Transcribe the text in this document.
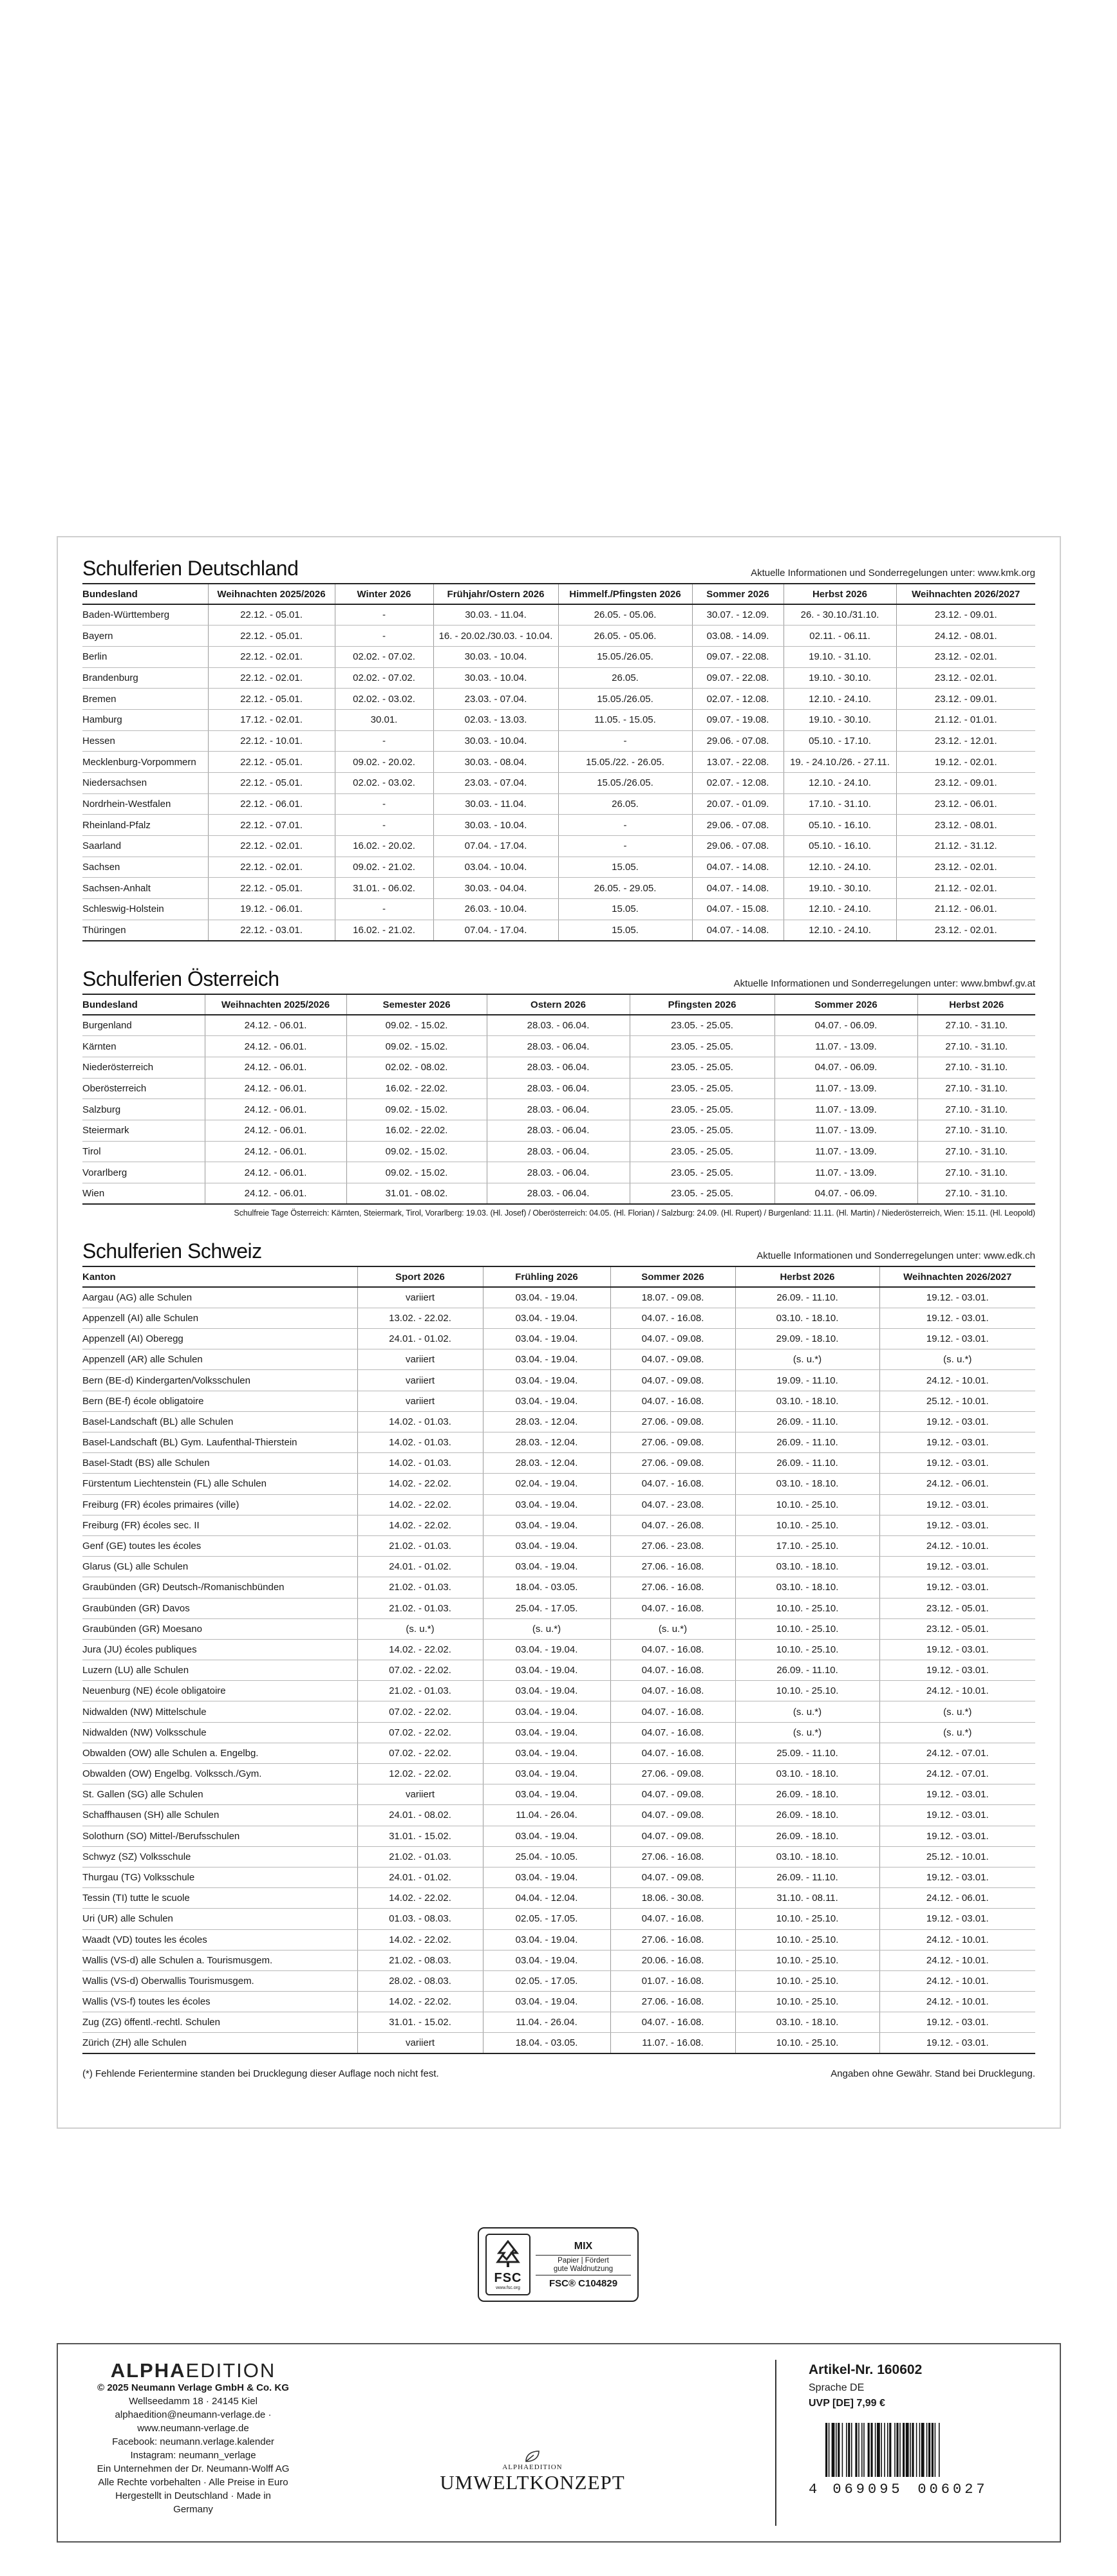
Schulferien Deutschland	Aktuelle Informationen und Sonderregelungen unter: www.kmk.org
Bundesland	Weihnachten 2025/2026	Winter 2026	Frühjahr/Ostern 2026	Himmelf./Pfingsten 2026	Sommer 2026	Herbst 2026	Weihnachten 2026/2027
Baden-Württemberg	22.12. - 05.01.	-	30.03. - 11.04.	26.05. - 05.06.	30.07. - 12.09.	26. - 30.10./31.10.	23.12. - 09.01.
Bayern	22.12. - 05.01.	-	16. - 20.02./30.03. - 10.04.	26.05. - 05.06.	03.08. - 14.09.	02.11. - 06.11.	24.12. - 08.01.
Berlin	22.12. - 02.01.	02.02. - 07.02.	30.03. - 10.04.	15.05./26.05.	09.07. - 22.08.	19.10. - 31.10.	23.12. - 02.01.
Brandenburg	22.12. - 02.01.	02.02. - 07.02.	30.03. - 10.04.	26.05.	09.07. - 22.08.	19.10. - 30.10.	23.12. - 02.01.
Bremen	22.12. - 05.01.	02.02. - 03.02.	23.03. - 07.04.	15.05./26.05.	02.07. - 12.08.	12.10. - 24.10.	23.12. - 09.01.
Hamburg	17.12. - 02.01.	30.01.	02.03. - 13.03.	11.05. - 15.05.	09.07. - 19.08.	19.10. - 30.10.	21.12. - 01.01.
Hessen	22.12. - 10.01.	-	30.03. - 10.04.	-	29.06. - 07.08.	05.10. - 17.10.	23.12. - 12.01.
Mecklenburg-Vorpommern	22.12. - 05.01.	09.02. - 20.02.	30.03. - 08.04.	15.05./22. - 26.05.	13.07. - 22.08.	19. - 24.10./26. - 27.11.	19.12. - 02.01.
Niedersachsen	22.12. - 05.01.	02.02. - 03.02.	23.03. - 07.04.	15.05./26.05.	02.07. - 12.08.	12.10. - 24.10.	23.12. - 09.01.
Nordrhein-Westfalen	22.12. - 06.01.	-	30.03. - 11.04.	26.05.	20.07. - 01.09.	17.10. - 31.10.	23.12. - 06.01.
Rheinland-Pfalz	22.12. - 07.01.	-	30.03. - 10.04.	-	29.06. - 07.08.	05.10. - 16.10.	23.12. - 08.01.
Saarland	22.12. - 02.01.	16.02. - 20.02.	07.04. - 17.04.	-	29.06. - 07.08.	05.10. - 16.10.	21.12. - 31.12.
Sachsen	22.12. - 02.01.	09.02. - 21.02.	03.04. - 10.04.	15.05.	04.07. - 14.08.	12.10. - 24.10.	23.12. - 02.01.
Sachsen-Anhalt	22.12. - 05.01.	31.01. - 06.02.	30.03. - 04.04.	26.05. - 29.05.	04.07. - 14.08.	19.10. - 30.10.	21.12. - 02.01.
Schleswig-Holstein	19.12. - 06.01.	-	26.03. - 10.04.	15.05.	04.07. - 15.08.	12.10. - 24.10.	21.12. - 06.01.
Thüringen	22.12. - 03.01.	16.02. - 21.02.	07.04. - 17.04.	15.05.	04.07. - 14.08.	12.10. - 24.10.	23.12. - 02.01.
Schulferien Österreich	Aktuelle Informationen und Sonderregelungen unter: www.bmbwf.gv.at
Bundesland	Weihnachten 2025/2026	Semester 2026	Ostern 2026	Pfingsten 2026	Sommer 2026	Herbst 2026
Burgenland	24.12. - 06.01.	09.02. - 15.02.	28.03. - 06.04.	23.05. - 25.05.	04.07. - 06.09.	27.10. - 31.10.
Kärnten	24.12. - 06.01.	09.02. - 15.02.	28.03. - 06.04.	23.05. - 25.05.	11.07. - 13.09.	27.10. - 31.10.
Niederösterreich	24.12. - 06.01.	02.02. - 08.02.	28.03. - 06.04.	23.05. - 25.05.	04.07. - 06.09.	27.10. - 31.10.
Oberösterreich	24.12. - 06.01.	16.02. - 22.02.	28.03. - 06.04.	23.05. - 25.05.	11.07. - 13.09.	27.10. - 31.10.
Salzburg	24.12. - 06.01.	09.02. - 15.02.	28.03. - 06.04.	23.05. - 25.05.	11.07. - 13.09.	27.10. - 31.10.
Steiermark	24.12. - 06.01.	16.02. - 22.02.	28.03. - 06.04.	23.05. - 25.05.	11.07. - 13.09.	27.10. - 31.10.
Tirol	24.12. - 06.01.	09.02. - 15.02.	28.03. - 06.04.	23.05. - 25.05.	11.07. - 13.09.	27.10. - 31.10.
Vorarlberg	24.12. - 06.01.	09.02. - 15.02.	28.03. - 06.04.	23.05. - 25.05.	11.07. - 13.09.	27.10. - 31.10.
Wien	24.12. - 06.01.	31.01. - 08.02.	28.03. - 06.04.	23.05. - 25.05.	04.07. - 06.09.	27.10. - 31.10.
Schulfreie Tage Österreich: Kärnten, Steiermark, Tirol, Vorarlberg: 19.03. (Hl. Josef) / Oberösterreich: 04.05. (Hl. Florian) / Salzburg: 24.09. (Hl. Rupert) / Burgenland: 11.11. (Hl. Martin) / Niederösterreich, Wien: 15.11. (Hl. Leopold)
Schulferien Schweiz	Aktuelle Informationen und Sonderregelungen unter: www.edk.ch
Kanton	Sport 2026	Frühling 2026	Sommer 2026	Herbst 2026	Weihnachten 2026/2027
Aargau (AG) alle Schulen	variiert	03.04. - 19.04.	18.07. - 09.08.	26.09. - 11.10.	19.12. - 03.01.
Appenzell (AI) alle Schulen	13.02. - 22.02.	03.04. - 19.04.	04.07. - 16.08.	03.10. - 18.10.	19.12. - 03.01.
Appenzell (AI) Oberegg	24.01. - 01.02.	03.04. - 19.04.	04.07. - 09.08.	29.09. - 18.10.	19.12. - 03.01.
Appenzell (AR) alle Schulen	variiert	03.04. - 19.04.	04.07. - 09.08.	(s. u.*)	(s. u.*)
Bern (BE-d) Kindergarten/Volksschulen	variiert	03.04. - 19.04.	04.07. - 09.08.	19.09. - 11.10.	24.12. - 10.01.
Bern (BE-f) école obligatoire	variiert	03.04. - 19.04.	04.07. - 16.08.	03.10. - 18.10.	25.12. - 10.01.
Basel-Landschaft (BL) alle Schulen	14.02. - 01.03.	28.03. - 12.04.	27.06. - 09.08.	26.09. - 11.10.	19.12. - 03.01.
Basel-Landschaft (BL) Gym. Laufenthal-Thierstein	14.02. - 01.03.	28.03. - 12.04.	27.06. - 09.08.	26.09. - 11.10.	19.12. - 03.01.
Basel-Stadt (BS) alle Schulen	14.02. - 01.03.	28.03. - 12.04.	27.06. - 09.08.	26.09. - 11.10.	19.12. - 03.01.
Fürstentum Liechtenstein (FL) alle Schulen	14.02. - 22.02.	02.04. - 19.04.	04.07. - 16.08.	03.10. - 18.10.	24.12. - 06.01.
Freiburg (FR) écoles primaires (ville)	14.02. - 22.02.	03.04. - 19.04.	04.07. - 23.08.	10.10. - 25.10.	19.12. - 03.01.
Freiburg (FR) écoles sec. II	14.02. - 22.02.	03.04. - 19.04.	04.07. - 26.08.	10.10. - 25.10.	19.12. - 03.01.
Genf (GE) toutes les écoles	21.02. - 01.03.	03.04. - 19.04.	27.06. - 23.08.	17.10. - 25.10.	24.12. - 10.01.
Glarus (GL) alle Schulen	24.01. - 01.02.	03.04. - 19.04.	27.06. - 16.08.	03.10. - 18.10.	19.12. - 03.01.
Graubünden (GR) Deutsch-/Romanischbünden	21.02. - 01.03.	18.04. - 03.05.	27.06. - 16.08.	03.10. - 18.10.	19.12. - 03.01.
Graubünden (GR) Davos	21.02. - 01.03.	25.04. - 17.05.	04.07. - 16.08.	10.10. - 25.10.	23.12. - 05.01.
Graubünden (GR) Moesano	(s. u.*)	(s. u.*)	(s. u.*)	10.10. - 25.10.	23.12. - 05.01.
Jura (JU) écoles publiques	14.02. - 22.02.	03.04. - 19.04.	04.07. - 16.08.	10.10. - 25.10.	19.12. - 03.01.
Luzern (LU) alle Schulen	07.02. - 22.02.	03.04. - 19.04.	04.07. - 16.08.	26.09. - 11.10.	19.12. - 03.01.
Neuenburg (NE) école obligatoire	21.02. - 01.03.	03.04. - 19.04.	04.07. - 16.08.	10.10. - 25.10.	24.12. - 10.01.
Nidwalden (NW) Mittelschule	07.02. - 22.02.	03.04. - 19.04.	04.07. - 16.08.	(s. u.*)	(s. u.*)
Nidwalden (NW) Volksschule	07.02. - 22.02.	03.04. - 19.04.	04.07. - 16.08.	(s. u.*)	(s. u.*)
Obwalden (OW) alle Schulen a. Engelbg.	07.02. - 22.02.	03.04. - 19.04.	04.07. - 16.08.	25.09. - 11.10.	24.12. - 07.01.
Obwalden (OW) Engelbg. Volkssch./Gym.	12.02. - 22.02.	03.04. - 19.04.	27.06. - 09.08.	03.10. - 18.10.	24.12. - 07.01.
St. Gallen (SG) alle Schulen	variiert	03.04. - 19.04.	04.07. - 09.08.	26.09. - 18.10.	19.12. - 03.01.
Schaffhausen (SH) alle Schulen	24.01. - 08.02.	11.04. - 26.04.	04.07. - 09.08.	26.09. - 18.10.	19.12. - 03.01.
Solothurn (SO) Mittel-/Berufsschulen	31.01. - 15.02.	03.04. - 19.04.	04.07. - 09.08.	26.09. - 18.10.	19.12. - 03.01.
Schwyz (SZ) Volksschule	21.02. - 01.03.	25.04. - 10.05.	27.06. - 16.08.	03.10. - 18.10.	25.12. - 10.01.
Thurgau (TG) Volksschule	24.01. - 01.02.	03.04. - 19.04.	04.07. - 09.08.	26.09. - 11.10.	19.12. - 03.01.
Tessin (TI) tutte le scuole	14.02. - 22.02.	04.04. - 12.04.	18.06. - 30.08.	31.10. - 08.11.	24.12. - 06.01.
Uri (UR) alle Schulen	01.03. - 08.03.	02.05. - 17.05.	04.07. - 16.08.	10.10. - 25.10.	19.12. - 03.01.
Waadt (VD) toutes les écoles	14.02. - 22.02.	03.04. - 19.04.	27.06. - 16.08.	10.10. - 25.10.	24.12. - 10.01.
Wallis (VS-d) alle Schulen a. Tourismusgem.	21.02. - 08.03.	03.04. - 19.04.	20.06. - 16.08.	10.10. - 25.10.	24.12. - 10.01.
Wallis (VS-d) Oberwallis Tourismusgem.	28.02. - 08.03.	02.05. - 17.05.	01.07. - 16.08.	10.10. - 25.10.	24.12. - 10.01.
Wallis (VS-f) toutes les écoles	14.02. - 22.02.	03.04. - 19.04.	27.06. - 16.08.	10.10. - 25.10.	24.12. - 10.01.
Zug (ZG) öffentl.-rechtl. Schulen	31.01. - 15.02.	11.04. - 26.04.	04.07. - 16.08.	03.10. - 18.10.	19.12. - 03.01.
Zürich (ZH) alle Schulen	variiert	18.04. - 03.05.	11.07. - 16.08.	10.10. - 25.10.	19.12. - 03.01.
(*) Fehlende Ferientermine standen bei Drucklegung dieser Auflage noch nicht fest.	Angaben ohne Gewähr. Stand bei Drucklegung.
FSC
www.fsc.org
MIX
Papier | Fördert
gute Waldnutzung
FSC® C104829
ALPHAEDITION
© 2025 Neumann Verlage GmbH & Co. KG
Wellseedamm 18 · 24145 Kiel
alphaedition@neumann-verlage.de · www.neumann-verlage.de
Facebook: neumann.verlage.kalender
Instagram: neumann_verlage
Ein Unternehmen der Dr. Neumann-Wolff AG
Alle Rechte vorbehalten · Alle Preise in Euro
Hergestellt in Deutschland · Made in Germany
ALPHAEDITION
UMWELTKONZEPT
Artikel-Nr. 160602
Sprache DE
UVP [DE] 7,99 €
4 069095	006027
